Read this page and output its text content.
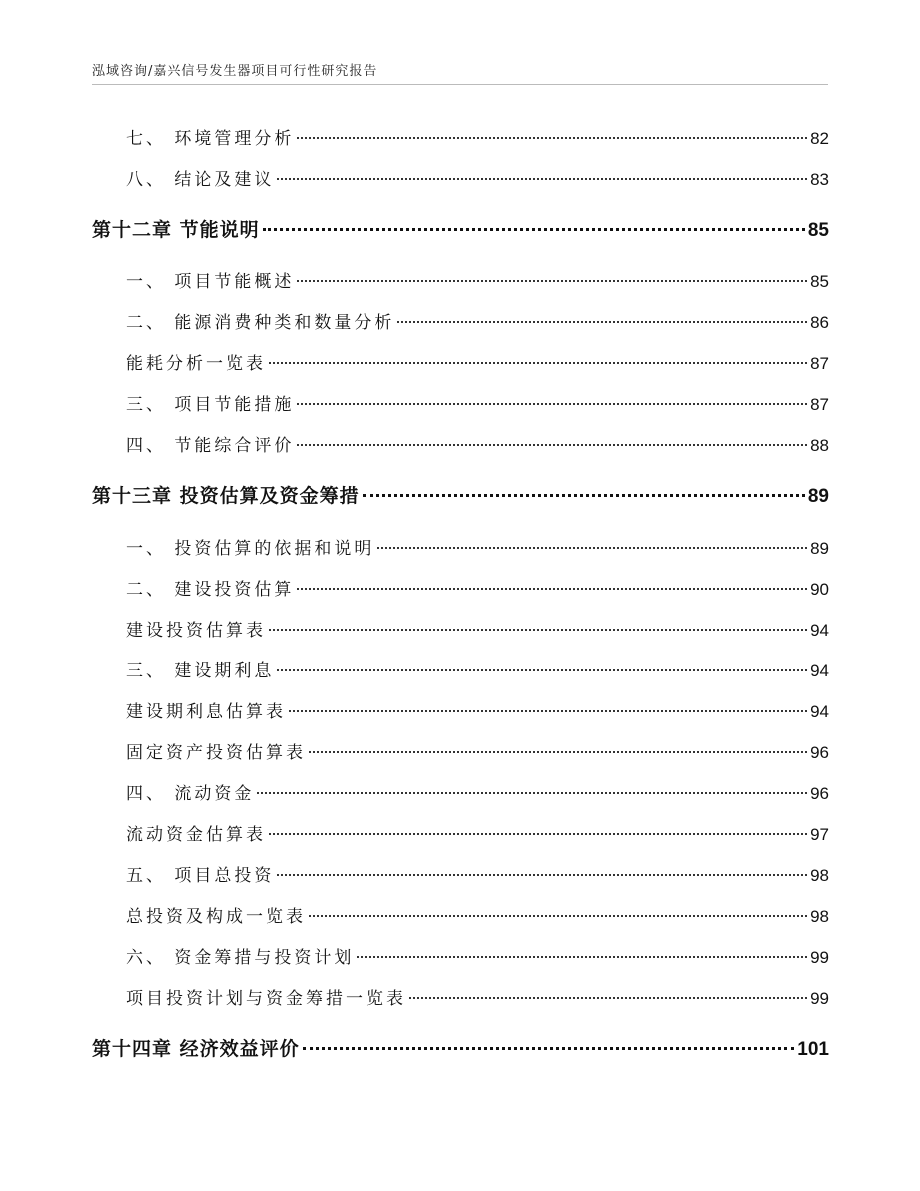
泓域咨询/嘉兴信号发生器项目可行性研究报告
七、 环境管理分析	82
八、 结论及建议	83
第十二章 节能说明	85
一、 项目节能概述	85
二、 能源消费种类和数量分析	86
能耗分析一览表	87
三、 项目节能措施	87
四、 节能综合评价	88
第十三章 投资估算及资金筹措	89
一、 投资估算的依据和说明	89
二、 建设投资估算	90
建设投资估算表	94
三、 建设期利息	94
建设期利息估算表	94
固定资产投资估算表	96
四、 流动资金	96
流动资金估算表	97
五、 项目总投资	98
总投资及构成一览表	98
六、 资金筹措与投资计划	99
项目投资计划与资金筹措一览表	99
第十四章 经济效益评价	101
